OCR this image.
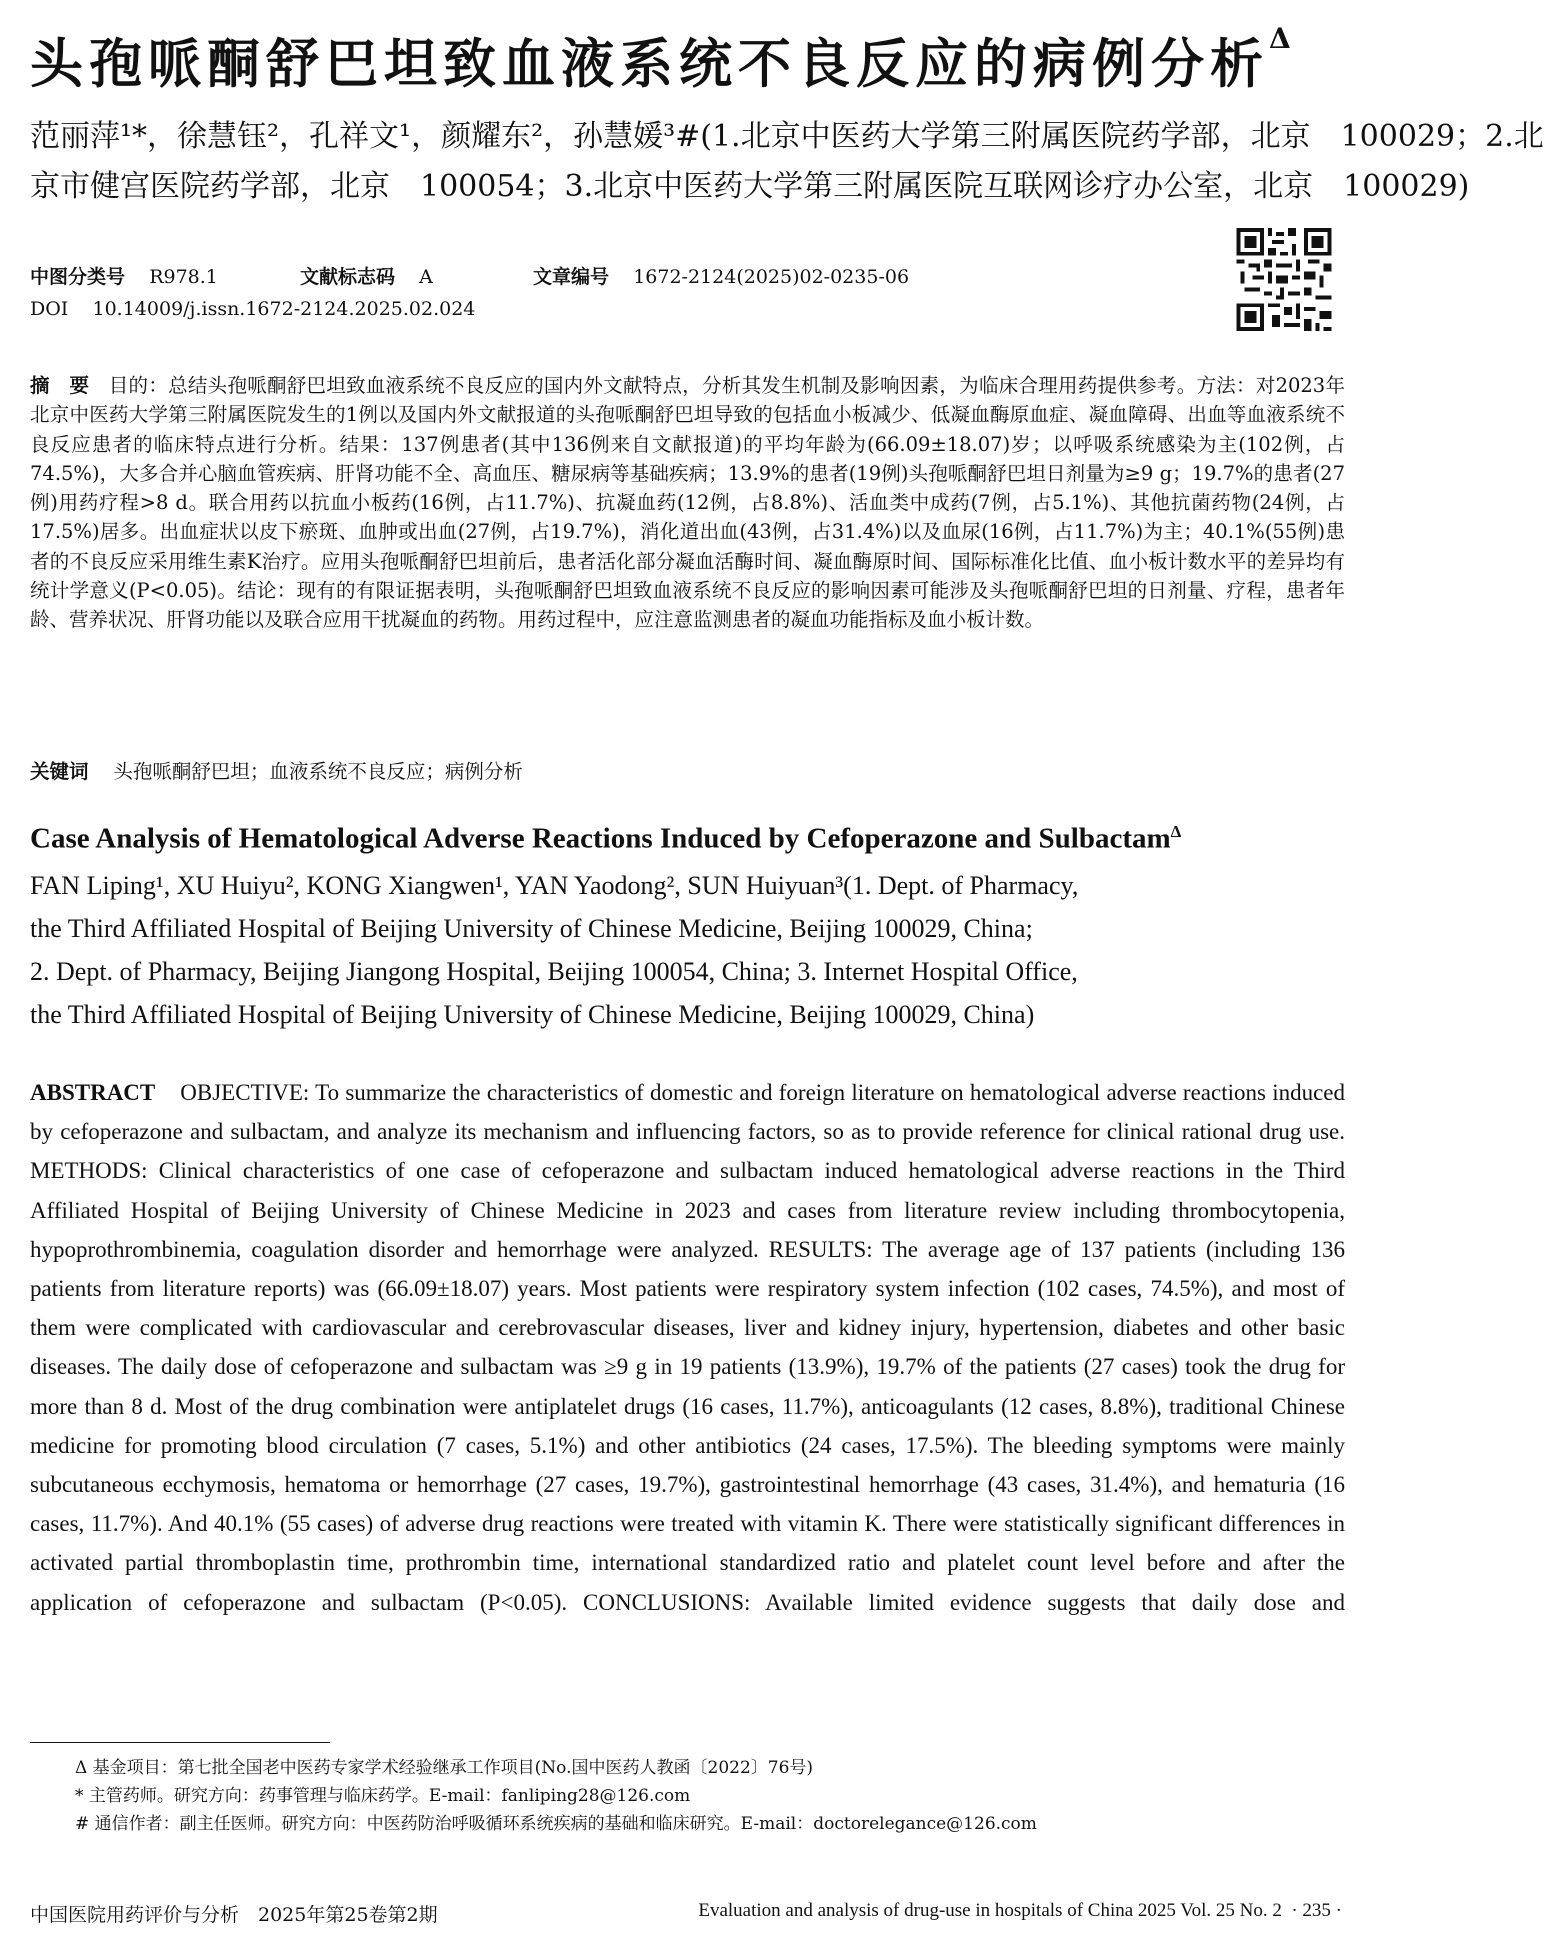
头孢哌酮舒巴坦致血液系统不良反应的病例分析$^\Delta$
范丽萍¹*，徐慧钰²，孔祥文¹，颜耀东²，孙慧媛³#(1.北京中医药大学第三附属医院药学部，北京　100029；2.北
京市健宫医院药学部，北京　100054；3.北京中医药大学第三附属医院互联网诊疗办公室，北京　100029)
中图分类号 R978.1	文献标志码 A	文章编号 1672-2124(2025)02-0235-06
DOI 10.14009/j.issn.1672-2124.2025.02.024
摘　要 目的：总结头孢哌酮舒巴坦致血液系统不良反应的国内外文献特点，分析其发生机制及影响因素，为临床合理用药提供参考。方法：对2023年北京中医药大学第三附属医院发生的1例以及国内外文献报道的头孢哌酮舒巴坦导致的包括血小板减少、低凝血酶原血症、凝血障碍、出血等血液系统不良反应患者的临床特点进行分析。结果：137例患者(其中136例来自文献报道)的平均年龄为(66.09±18.07)岁；以呼吸系统感染为主(102例，占74.5%)，大多合并心脑血管疾病、肝肾功能不全、高血压、糖尿病等基础疾病；13.9%的患者(19例)头孢哌酮舒巴坦日剂量为≥9 g；19.7%的患者(27例)用药疗程>8 d。联合用药以抗血小板药(16例，占11.7%)、抗凝血药(12例，占8.8%)、活血类中成药(7例，占5.1%)、其他抗菌药物(24例，占17.5%)居多。出血症状以皮下瘀斑、血肿或出血(27例，占19.7%)，消化道出血(43例，占31.4%)以及血尿(16例，占11.7%)为主；40.1%(55例)患者的不良反应采用维生素K治疗。应用头孢哌酮舒巴坦前后，患者活化部分凝血活酶时间、凝血酶原时间、国际标准化比值、血小板计数水平的差异均有统计学意义(P<0.05)。结论：现有的有限证据表明，头孢哌酮舒巴坦致血液系统不良反应的影响因素可能涉及头孢哌酮舒巴坦的日剂量、疗程，患者年龄、营养状况、肝肾功能以及联合应用干扰凝血的药物。用药过程中，应注意监测患者的凝血功能指标及血小板计数。
关键词 头孢哌酮舒巴坦；血液系统不良反应；病例分析
Case Analysis of Hematological Adverse Reactions Induced by Cefoperazone and Sulbactam$^\Delta$
FAN Liping¹, XU Huiyu², KONG Xiangwen¹, YAN Yaodong², SUN Huiyuan³(1. Dept. of Pharmacy,
the Third Affiliated Hospital of Beijing University of Chinese Medicine, Beijing 100029, China;
2. Dept. of Pharmacy, Beijing Jiangong Hospital, Beijing 100054, China; 3. Internet Hospital Office,
the Third Affiliated Hospital of Beijing University of Chinese Medicine, Beijing 100029, China)
ABSTRACT OBJECTIVE: To summarize the characteristics of domestic and foreign literature on hematological adverse reactions induced by cefoperazone and sulbactam, and analyze its mechanism and influencing factors, so as to provide reference for clinical rational drug use. METHODS: Clinical characteristics of one case of cefoperazone and sulbactam induced hematological adverse reactions in the Third Affiliated Hospital of Beijing University of Chinese Medicine in 2023 and cases from literature review including thrombocytopenia, hypoprothrombinemia, coagulation disorder and hemorrhage were analyzed. RESULTS: The average age of 137 patients (including 136 patients from literature reports) was (66.09±18.07) years. Most patients were respiratory system infection (102 cases, 74.5%), and most of them were complicated with cardiovascular and cerebrovascular diseases, liver and kidney injury, hypertension, diabetes and other basic diseases. The daily dose of cefoperazone and sulbactam was ≥9 g in 19 patients (13.9%), 19.7% of the patients (27 cases) took the drug for more than 8 d. Most of the drug combination were antiplatelet drugs (16 cases, 11.7%), anticoagulants (12 cases, 8.8%), traditional Chinese medicine for promoting blood circulation (7 cases, 5.1%) and other antibiotics (24 cases, 17.5%). The bleeding symptoms were mainly subcutaneous ecchymosis, hematoma or hemorrhage (27 cases, 19.7%), gastrointestinal hemorrhage (43 cases, 31.4%), and hematuria (16 cases, 11.7%). And 40.1% (55 cases) of adverse drug reactions were treated with vitamin K. There were statistically significant differences in activated partial thromboplastin time, prothrombin time, international standardized ratio and platelet count level before and after the application of cefoperazone and sulbactam (P<0.05). CONCLUSIONS: Available limited evidence suggests that daily dose and
Δ 基金项目：第七批全国老中医药专家学术经验继承工作项目(No.国中医药人教函〔2022〕76号)
* 主管药师。研究方向：药事管理与临床药学。E-mail：fanliping28@126.com
# 通信作者：副主任医师。研究方向：中医药防治呼吸循环系统疾病的基础和临床研究。E-mail：doctorelegance@126.com
中国医院用药评价与分析　2025年第25卷第2期	Evaluation and analysis of drug-use in hospitals of China 2025 Vol. 25 No. 2 · 235 ·
